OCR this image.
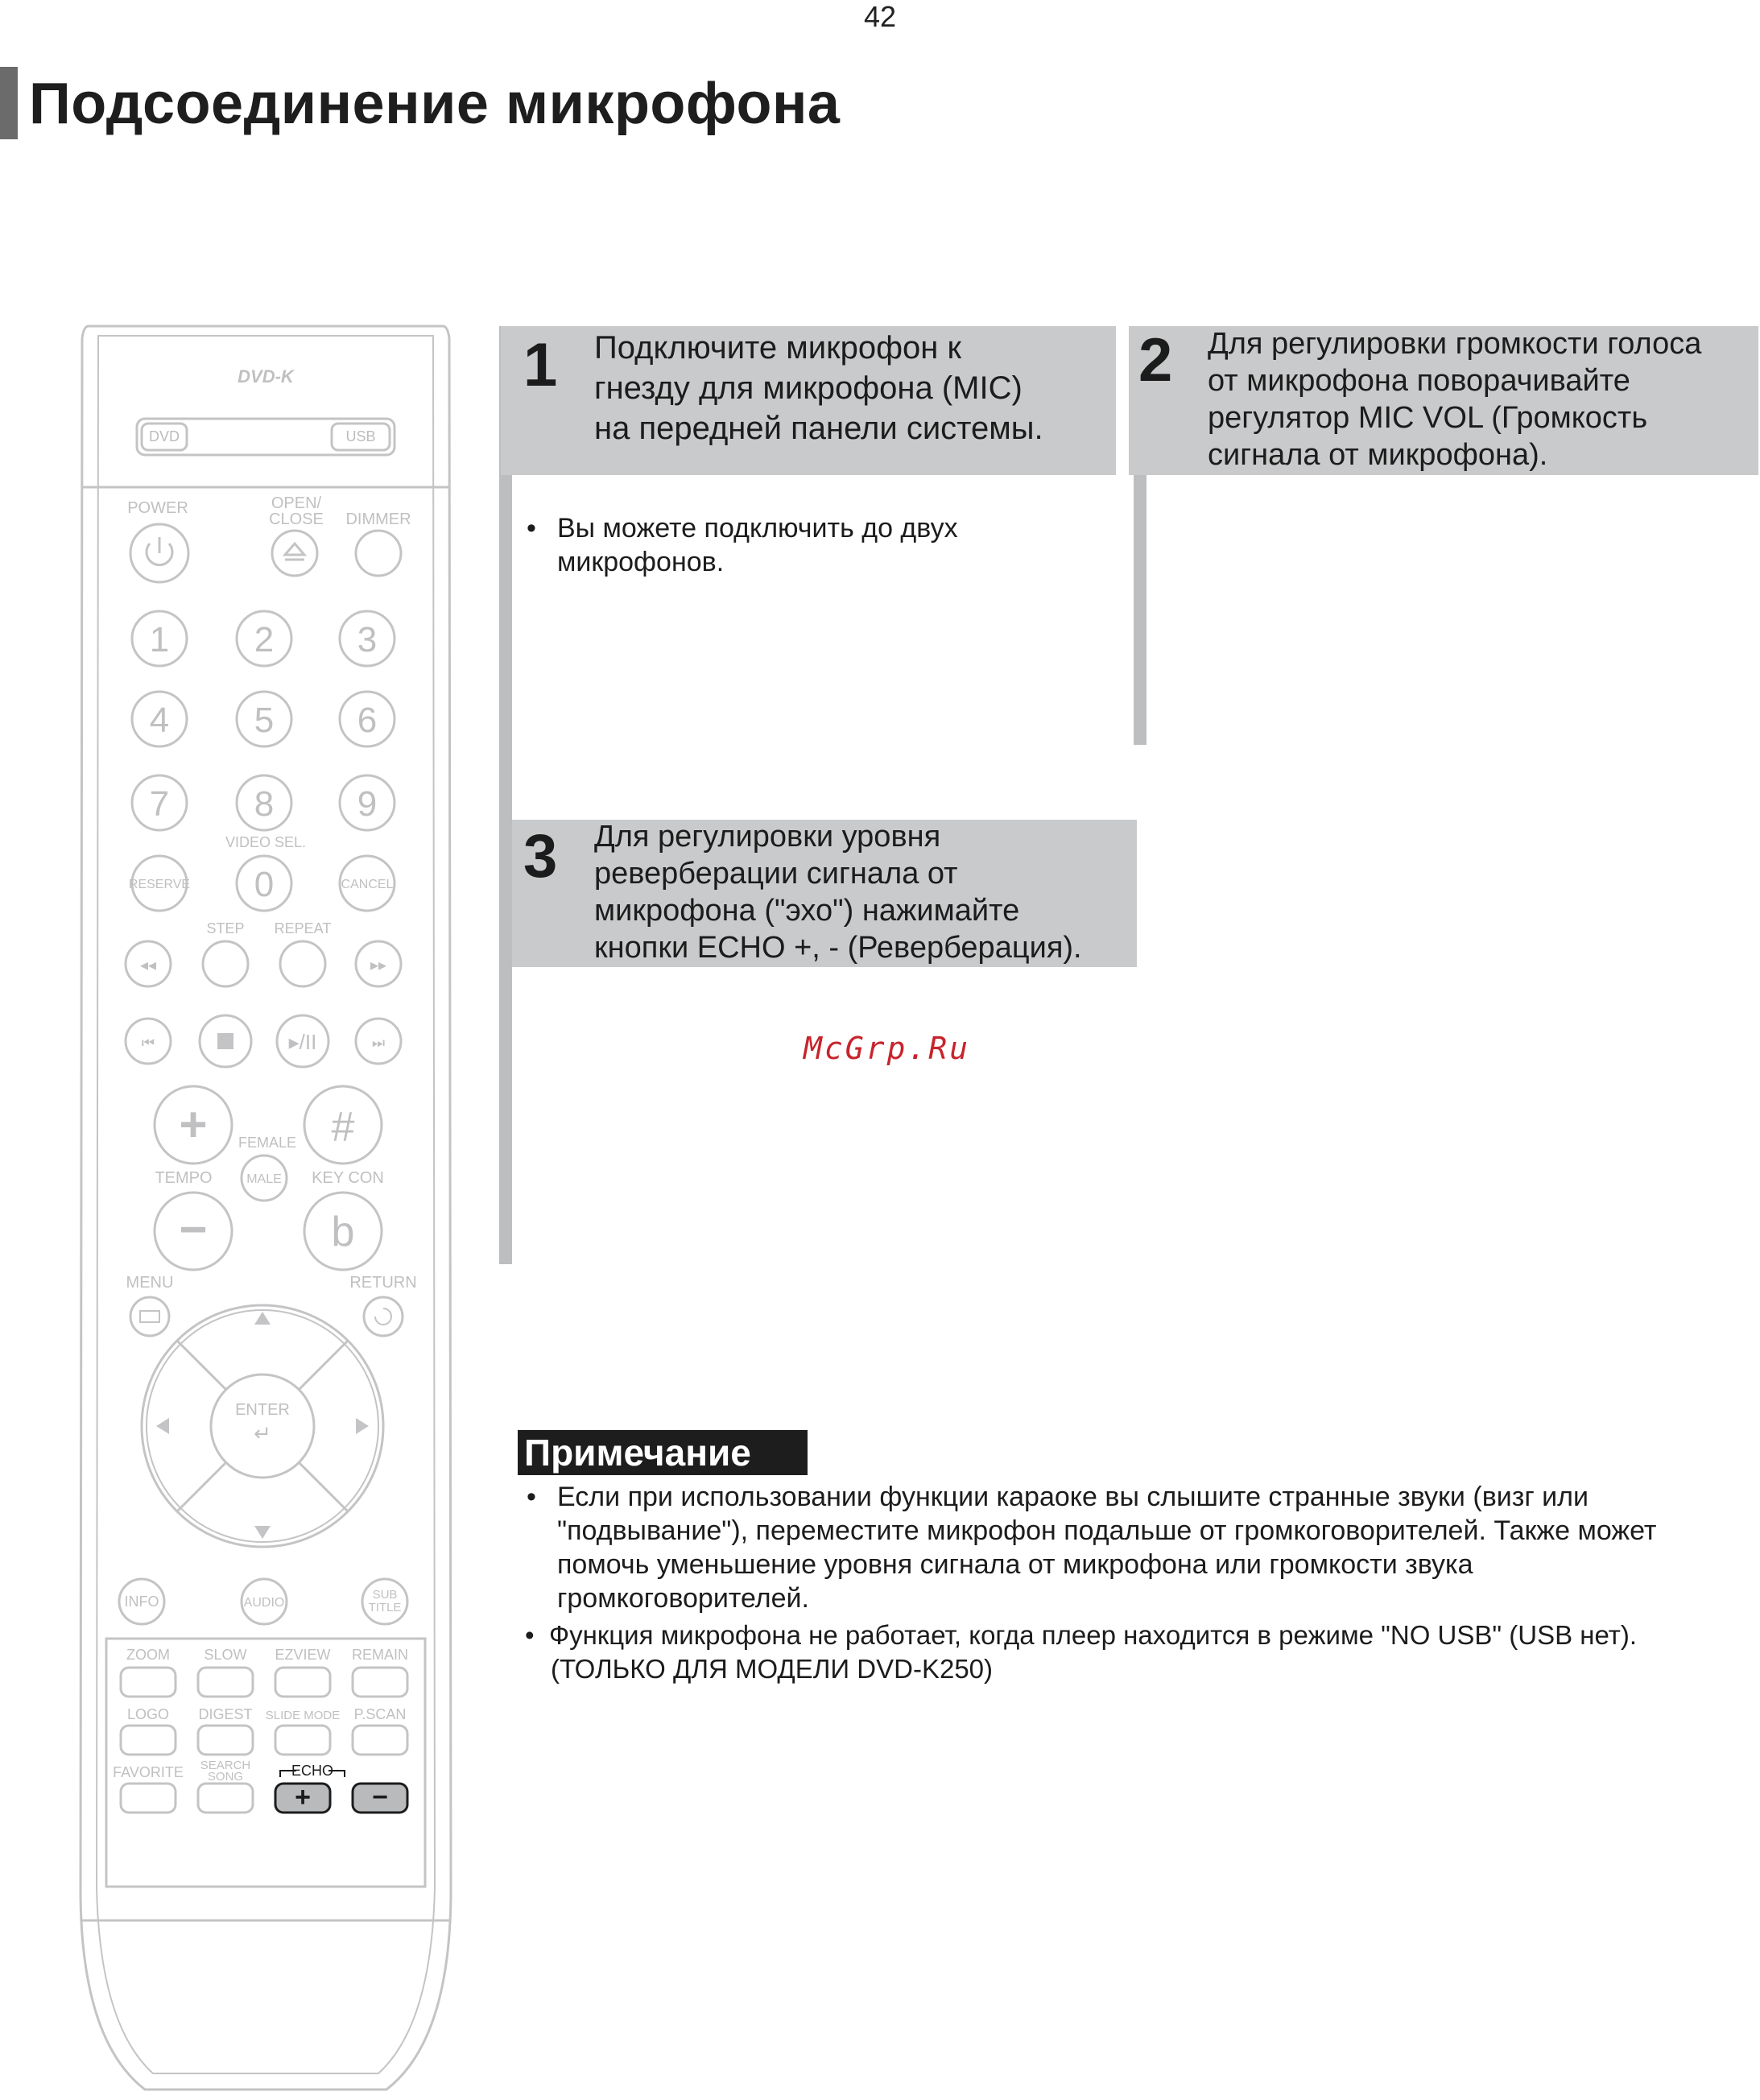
42
Подсоединение микрофона
1 Подключите микрофон к
гнезду для микрофона (MIC)
на передней панели системы.
• Вы можете подключить до двух
микрофонов.
2 Для регулировки громкости голоса
от микрофона поворачивайте
регулятор MIC VOL (Громкость
сигнала от микрофона).
3 Для регулировки уровня
реверберации сигнала от
микрофона ("эхо") нажимайте
кнопки ECHO +, - (Реверберация).
McGrp.Ru
Примечание
• Если при использовании функции караоке вы слышите странные звуки (визг или
"подвывание"), переместите микрофон подальше от громкоговорителей. Также может
помочь уменьшение уровня сигнала от микрофона или громкости звука
громкоговорителей.
• Функция микрофона не работает, когда плеер находится в режиме "NO USB" (USB нет).
(ТОЛЬКО ДЛЯ МОДЕЛИ DVD-K250)
DVD-K
DVD	USB
POWER	OPEN/
CLOSE DIMMER
1 2 3
4 5 6
7 8 9
0
VIDEO SEL.
RESERVE	CANCEL
STEP REPEAT
◂◂	▸▸
⏮	▸/II	⏭
+	#
FEMALE
MALE
TEMPO	KEY CON
−	b
MENU	RETURN
ENTER
↵
INFO	AUDIO
SUB
TITLE
ZOOM SLOW EZVIEW REMAIN
LOGO DIGEST SLIDE MODE P.SCAN
FAVORITE SEARCH
SONG	ECHO
+ −
